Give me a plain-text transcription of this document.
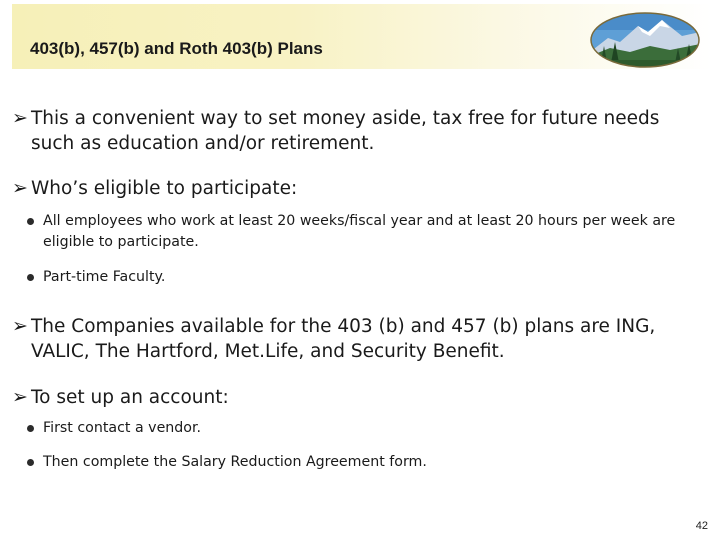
403(b), 457(b) and Roth 403(b) Plans
➢ This a convenient way to set money aside, tax free for future needs such as education and/or retirement.
➢ Who’s eligible to participate:
All employees who work at least 20 weeks/fiscal year and at least 20 hours per week are eligible to participate.
Part-time Faculty.
➢ The Companies available for the 403 (b) and 457 (b) plans are ING, VALIC, The Hartford, Met.Life, and Security Benefit.
➢ To set up an account:
First contact a vendor.
Then complete the Salary Reduction Agreement form.
42
